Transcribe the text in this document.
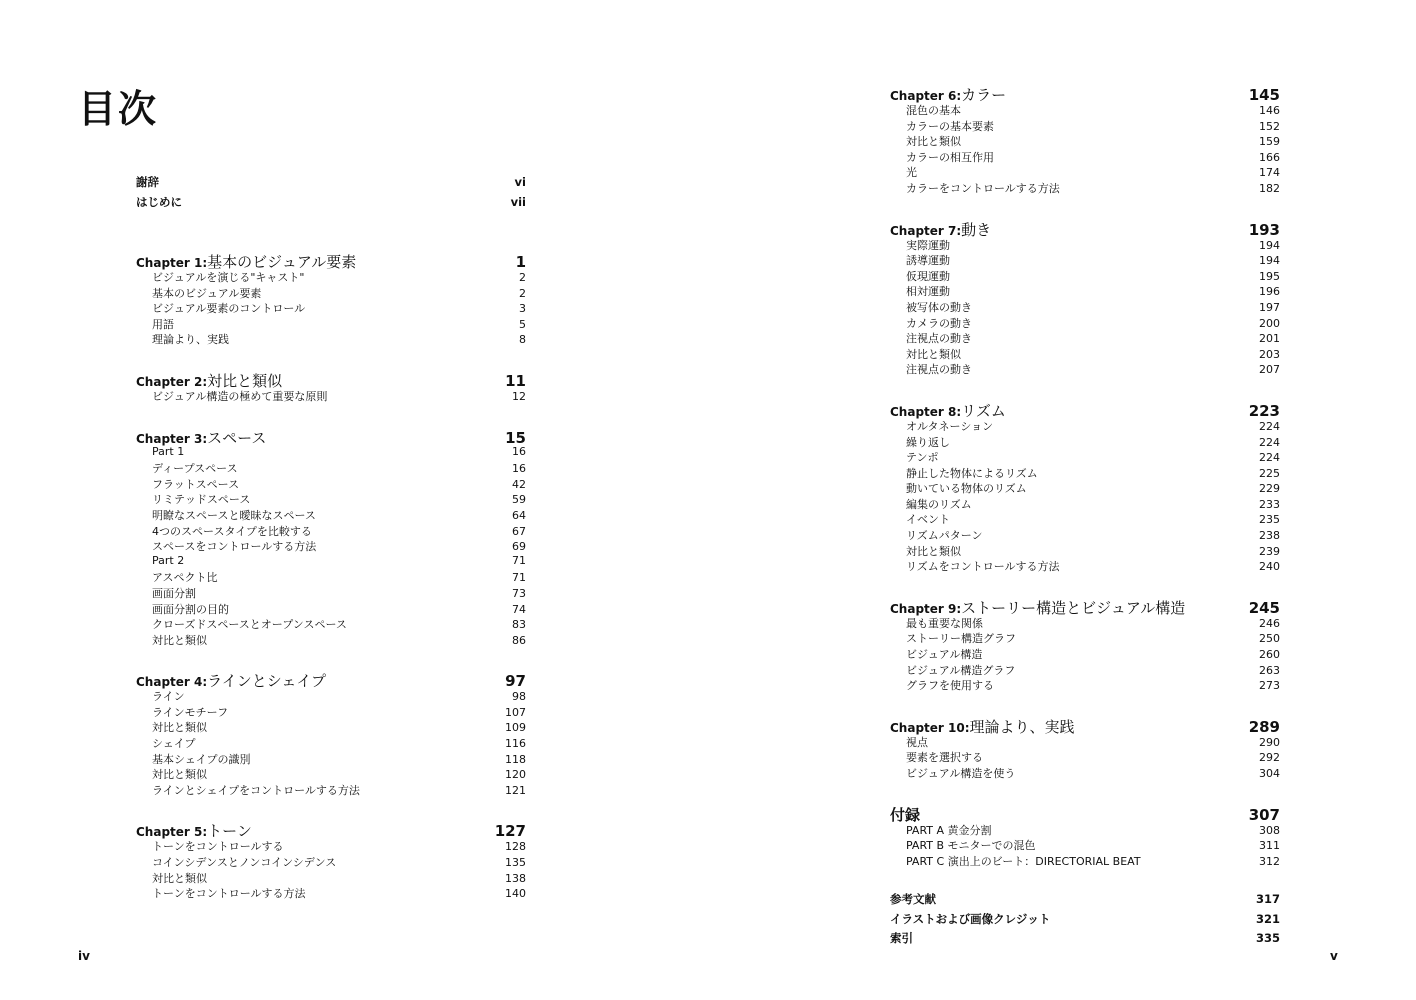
目次
謝辞	vi
はじめに	vii
Chapter 1:基本のビジュアル要素	1
ビジュアルを演じる"キャスト"	2
基本のビジュアル要素	2
ビジュアル要素のコントロール	3
用語	5
理論より、実践	8
Chapter 2:対比と類似	11
ビジュアル構造の極めて重要な原則	12
Chapter 3:スペース	15
Part 1	16
ディープスペース	16
フラットスペース	42
リミテッドスペース	59
明瞭なスペースと曖昧なスペース	64
4つのスペースタイプを比較する	67
スペースをコントロールする方法	69
Part 2	71
アスペクト比	71
画面分割	73
画面分割の目的	74
クローズドスペースとオープンスペース	83
対比と類似	86
Chapter 4:ラインとシェイプ	97
ライン	98
ラインモチーフ	107
対比と類似	109
シェイプ	116
基本シェイプの識別	118
対比と類似	120
ラインとシェイプをコントロールする方法	121
Chapter 5:トーン	127
トーンをコントロールする	128
コインシデンスとノンコインシデンス	135
対比と類似	138
トーンをコントロールする方法	140
Chapter 6:カラー	145
混色の基本	146
カラーの基本要素	152
対比と類似	159
カラーの相互作用	166
光	174
カラーをコントロールする方法	182
Chapter 7:動き	193
実際運動	194
誘導運動	194
仮現運動	195
相対運動	196
被写体の動き	197
カメラの動き	200
注視点の動き	201
対比と類似	203
注視点の動き	207
Chapter 8:リズム	223
オルタネーション	224
繰り返し	224
テンポ	224
静止した物体によるリズム	225
動いている物体のリズム	229
編集のリズム	233
イベント	235
リズムパターン	238
対比と類似	239
リズムをコントロールする方法	240
Chapter 9:ストーリー構造とビジュアル構造	245
最も重要な関係	246
ストーリー構造グラフ	250
ビジュアル構造	260
ビジュアル構造グラフ	263
グラフを使用する	273
Chapter 10:理論より、実践	289
視点	290
要素を選択する	292
ビジュアル構造を使う	304
付録	307
PART A 黄金分割	308
PART B モニターでの混色	311
PART C 演出上のビート：DIRECTORIAL BEAT	312
参考文献	317
イラストおよび画像クレジット	321
索引	335
iv	v
